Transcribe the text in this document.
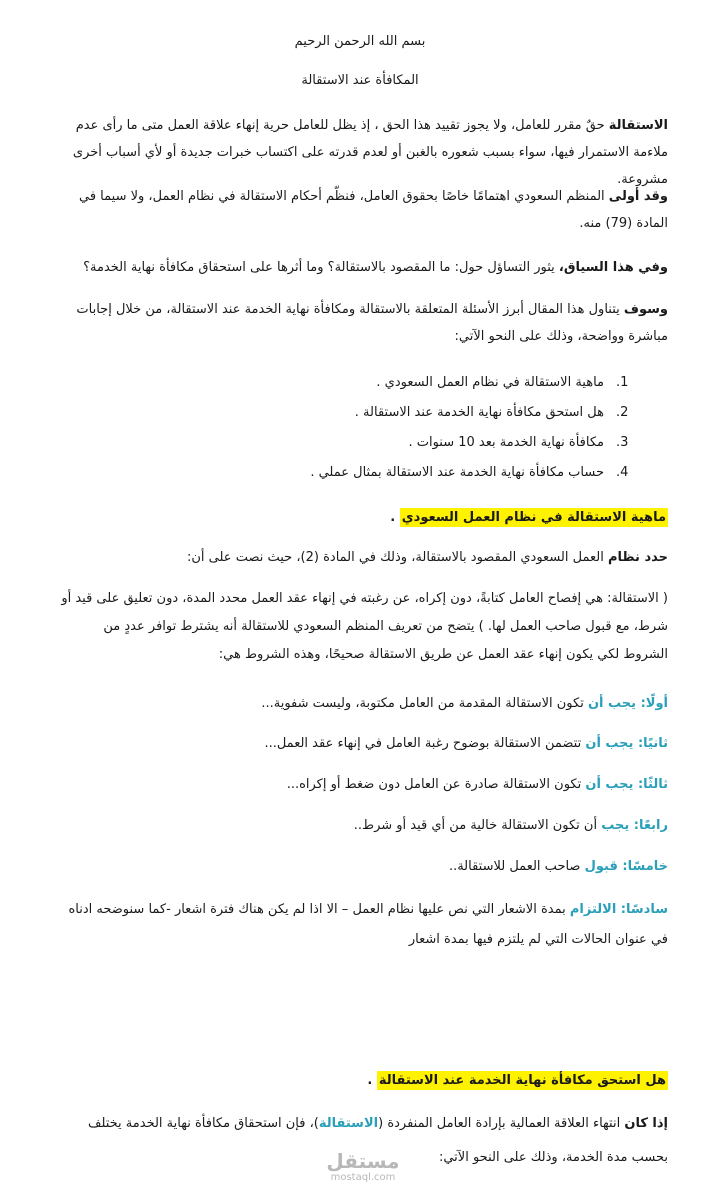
بسم الله الرحمن الرحيم
المكافأة عند الاستقالة
الاستقالة حقٌ مقرر للعامل، ولا يجوز تقييد هذا الحق ، إذ يظل للعامل حرية إنهاء علاقة العمل متى ما رأى عدم ملاءمة الاستمرار فيها، سواء بسبب شعوره بالغبن أو لعدم قدرته على اكتساب خبرات جديدة أو لأي أسباب أخرى مشروعة.
وقد أولى المنظم السعودي اهتمامًا خاصًا بحقوق العامل، فنظّم أحكام الاستقالة في نظام العمل، ولا سيما في المادة (79) منه.
وفي هذا السياق، يثور التساؤل حول: ما المقصود بالاستقالة؟ وما أثرها على استحقاق مكافأة نهاية الخدمة؟
وسوف يتناول هذا المقال أبرز الأسئلة المتعلقة بالاستقالة ومكافأة نهاية الخدمة عند الاستقالة، من خلال إجابات مباشرة وواضحة، وذلك على النحو الآتي:
1.ماهية الاستقالة في نظام العمل السعودي .
2.هل استحق مكافأة نهاية الخدمة عند الاستقالة .
3.مكافأة نهاية الخدمة بعد 10 سنوات .
4.حساب مكافأة نهاية الخدمة عند الاستقالة بمثال عملي .
ماهية الاستقالة في نظام العمل السعودي .
حدد نظام العمل السعودي المقصود بالاستقالة، وذلك في المادة (2)، حيث نصت على أن:
( الاستقالة: هي إفصاح العامل كتابةً، دون إكراه، عن رغبته في إنهاء عقد العمل محدد المدة، دون تعليق على قيد أو شرط، مع قبول صاحب العمل لها. ) يتضح من تعريف المنظم السعودي للاستقالة أنه يشترط توافر عددٍ من الشروط لكي يكون إنهاء عقد العمل عن طريق الاستقالة صحيحًا، وهذه الشروط هي:
أولًا: يجب أن تكون الاستقالة المقدمة من العامل مكتوبة، وليست شفوية...
ثانيًا: يجب أن تتضمن الاستقالة بوضوح رغبة العامل في إنهاء عقد العمل...
ثالثًا: يجب أن تكون الاستقالة صادرة عن العامل دون ضغط أو إكراه...
رابعًا: يجب أن تكون الاستقالة خالية من أي قيد أو شرط..
خامسًا: قبول صاحب العمل للاستقالة..
سادسًا: الالتزام بمدة الاشعار التي نص عليها نظام العمل – الا اذا لم يكن هناك فترة اشعار -كما سنوضحه ادناه في عنوان الحالات التي لم يلتزم فيها بمدة اشعار
هل استحق مكافأة نهاية الخدمة عند الاستقالة .
إذا كان انتهاء العلاقة العمالية بإرادة العامل المنفردة (الاستقالة)، فإن استحقاق مكافأة نهاية الخدمة يختلف بحسب مدة الخدمة، وذلك على النحو الآتي:
مستقل
mostaql.com
